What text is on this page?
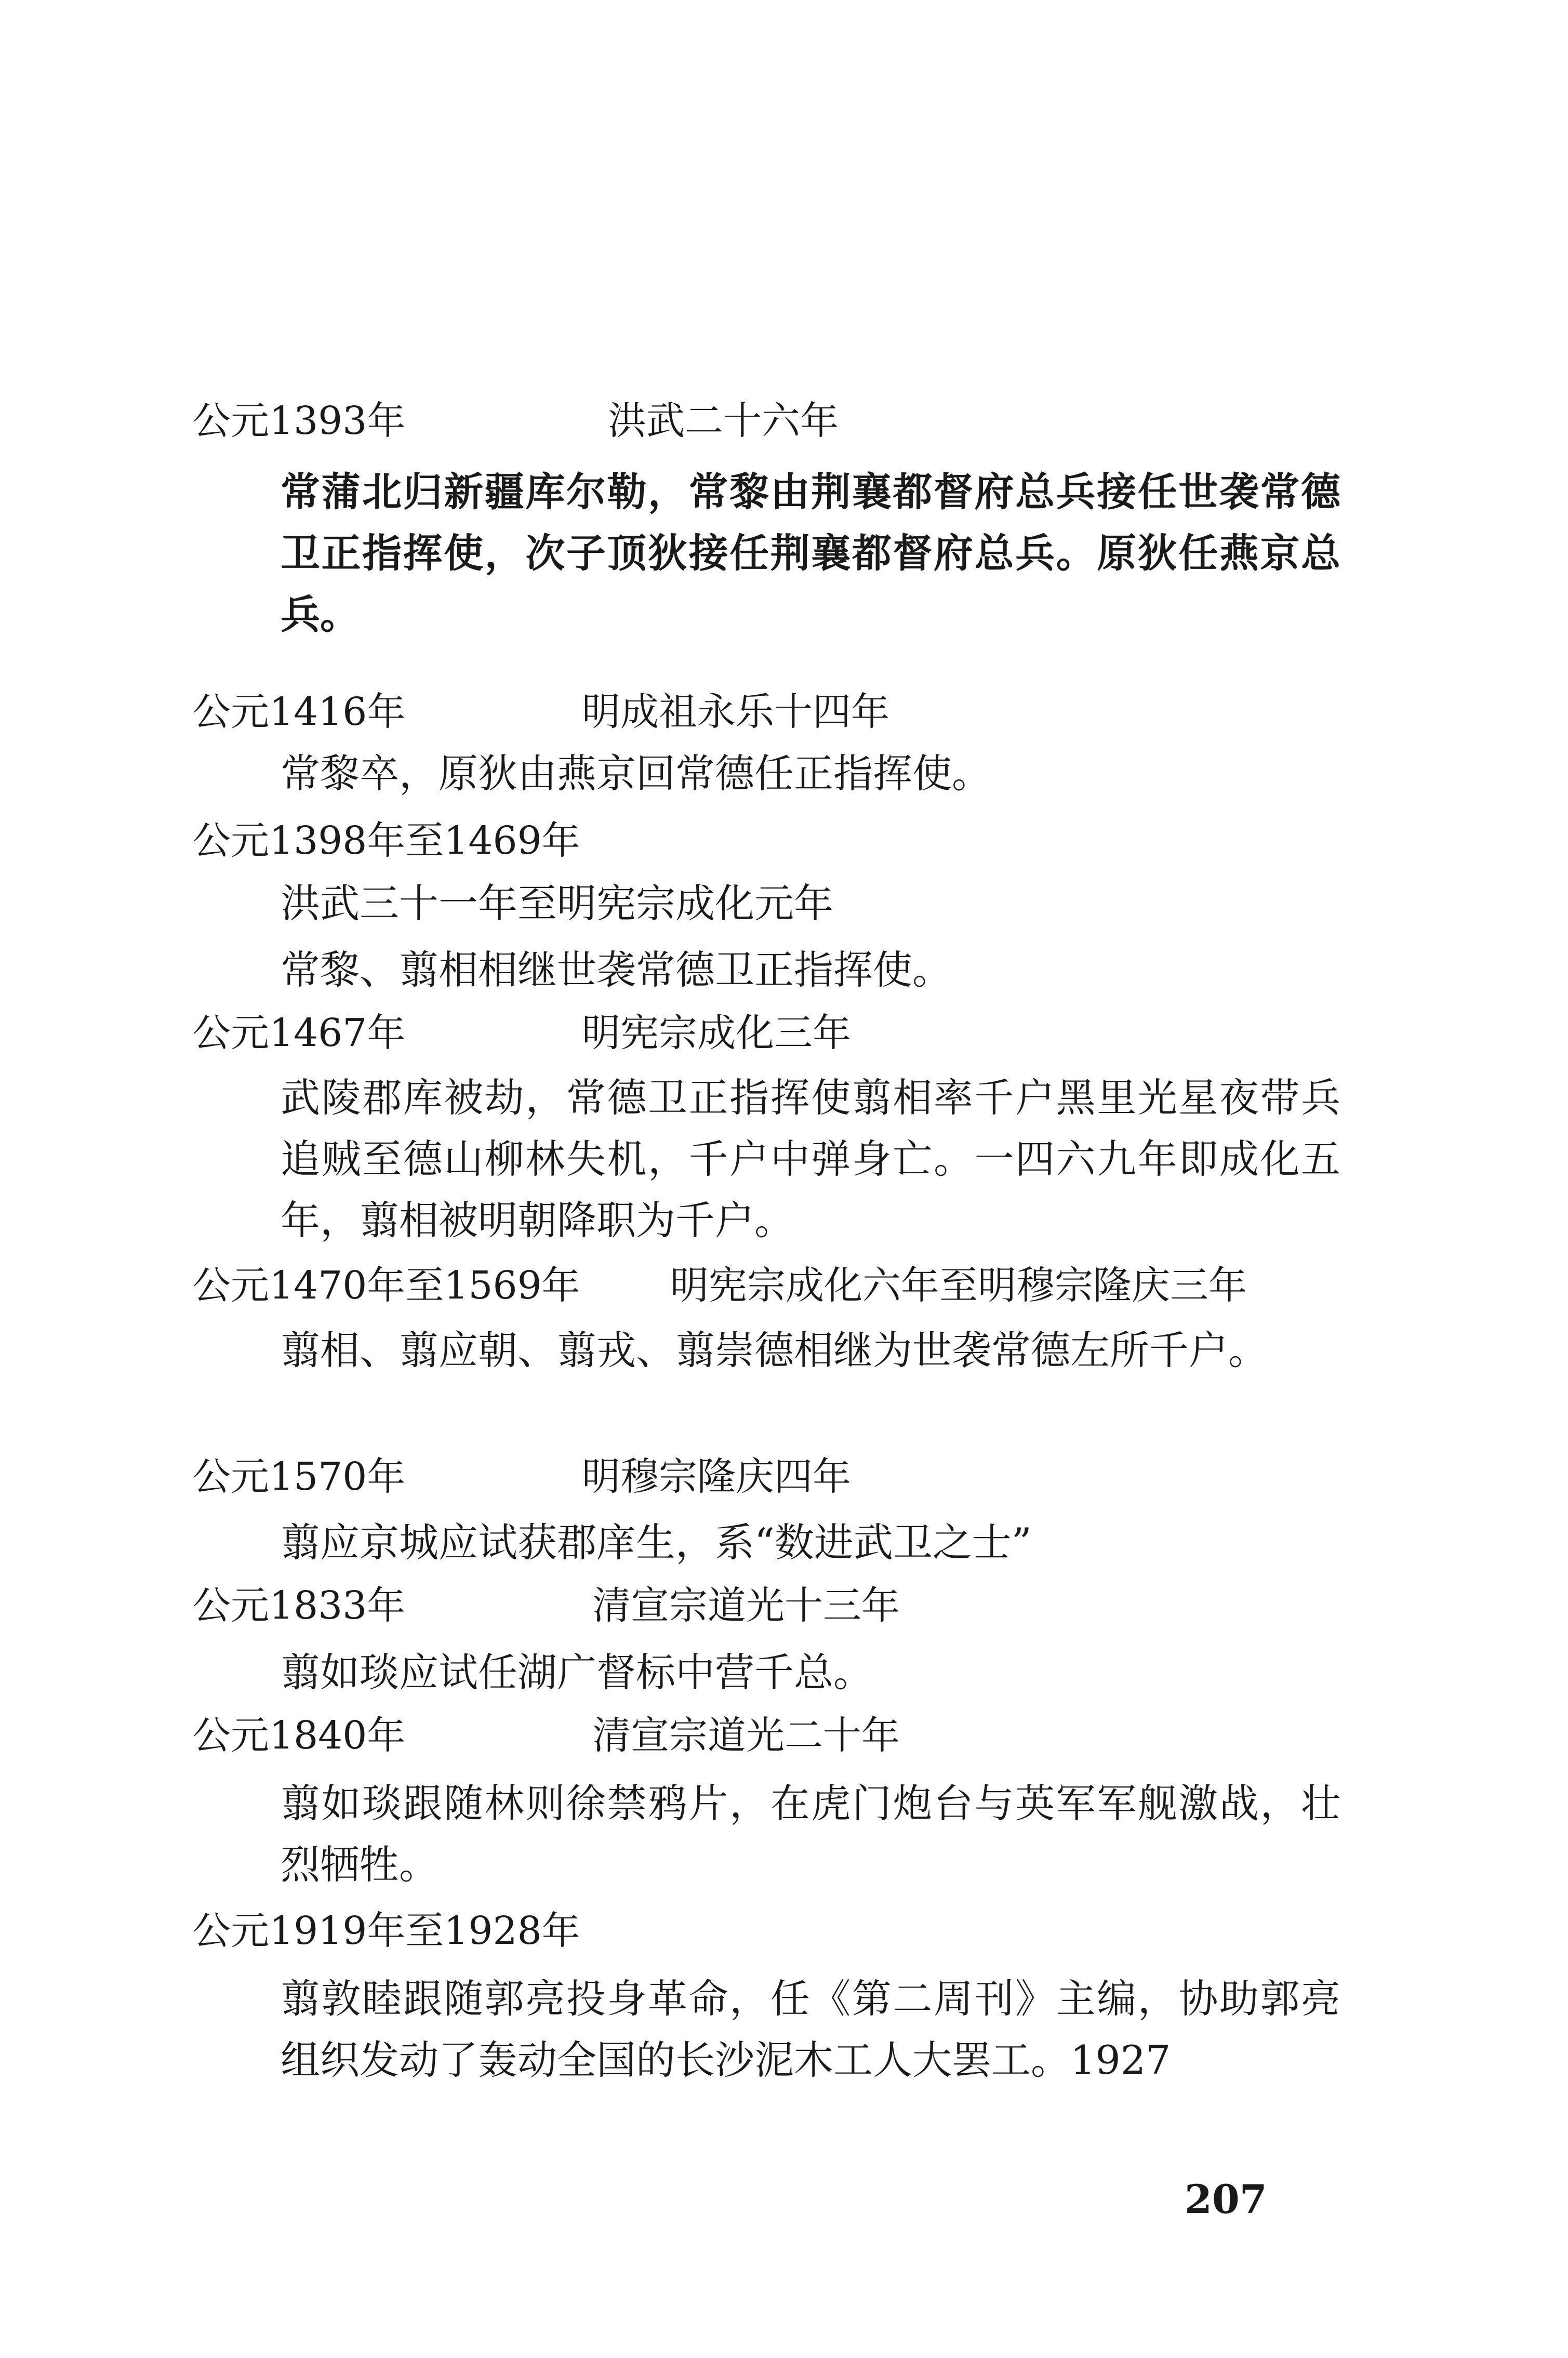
公元1393年	洪武二十六年
常蒲北归新疆库尔勒，常黎由荆襄都督府总兵接任世袭常德卫正指挥使，次子顶狄接任荆襄都督府总兵。原狄任燕京总兵。
公元1416年	明成祖永乐十四年
常黎卒，原狄由燕京回常德任正指挥使。
公元1398年至1469年
洪武三十一年至明宪宗成化元年
常黎、翦相相继世袭常德卫正指挥使。
公元1467年	明宪宗成化三年
武陵郡库被劫，常德卫正指挥使翦相率千户黑里光星夜带兵追贼至德山柳林失机，千户中弹身亡。一四六九年即成化五年，翦相被明朝降职为千户。
公元1470年至1569年 明宪宗成化六年至明穆宗隆庆三年
翦相、翦应朝、翦戎、翦崇德相继为世袭常德左所千户。
公元1570年	明穆宗隆庆四年
翦应京城应试获郡庠生，系“数进武卫之士”
公元1833年	清宣宗道光十三年
翦如琰应试任湖广督标中营千总。
公元1840年	清宣宗道光二十年
翦如琰跟随林则徐禁鸦片，在虎门炮台与英军军舰激战，壮烈牺牲。
公元1919年至1928年
翦敦睦跟随郭亮投身革命，任《第二周刊》主编，协助郭亮组织发动了轰动全国的长沙泥木工人大罢工。1927
207
